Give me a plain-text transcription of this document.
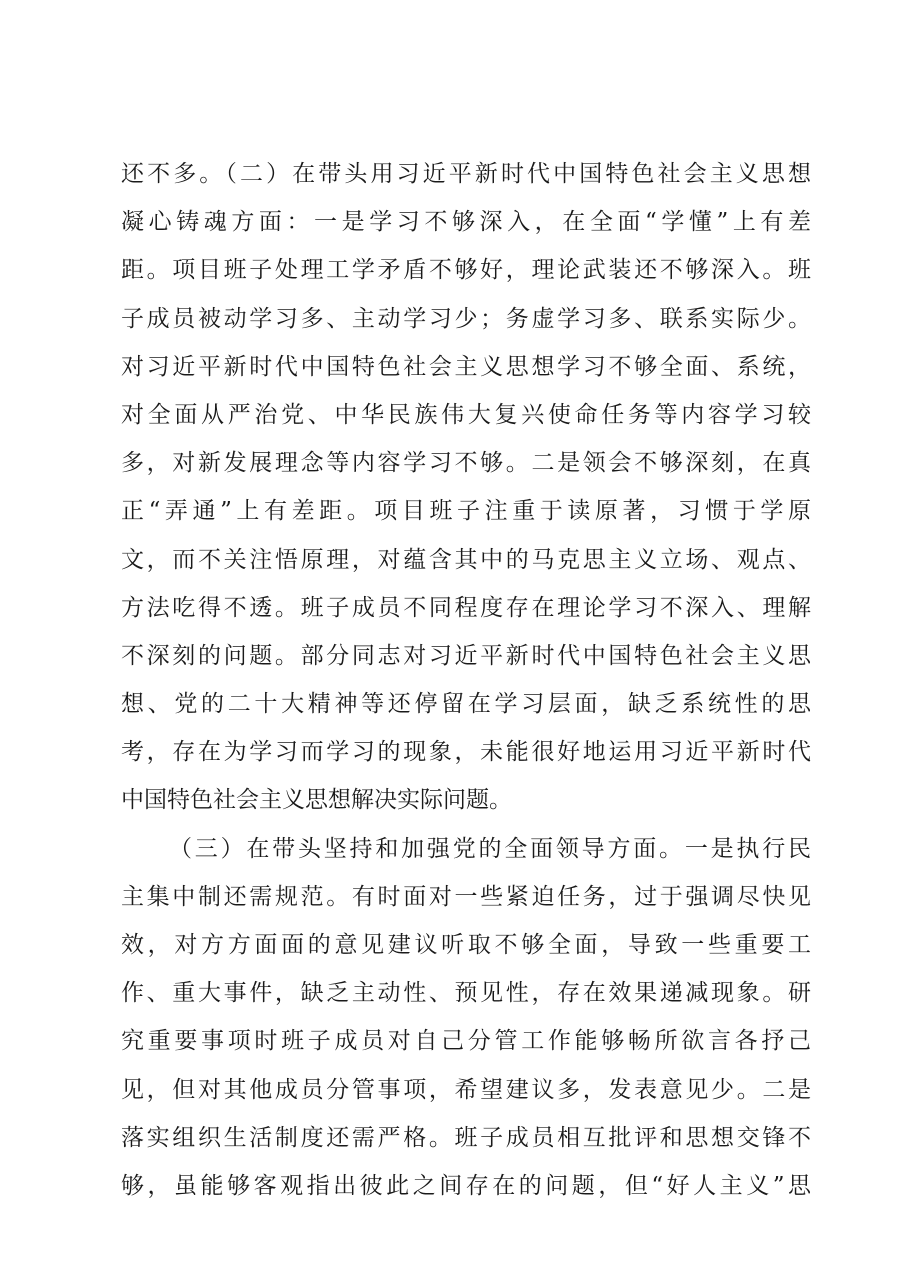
还不多。（二）在带头用习近平新时代中国特色社会主义思想
凝心铸魂方面：一是学习不够深入，在全面“学懂”上有差
距。项目班子处理工学矛盾不够好，理论武装还不够深入。班
子成员被动学习多、主动学习少；务虚学习多、联系实际少。
对习近平新时代中国特色社会主义思想学习不够全面、系统，
对全面从严治党、中华民族伟大复兴使命任务等内容学习较
多，对新发展理念等内容学习不够。二是领会不够深刻，在真
正“弄通”上有差距。项目班子注重于读原著，习惯于学原
文，而不关注悟原理，对蕴含其中的马克思主义立场、观点、
方法吃得不透。班子成员不同程度存在理论学习不深入、理解
不深刻的问题。部分同志对习近平新时代中国特色社会主义思
想、党的二十大精神等还停留在学习层面，缺乏系统性的思
考，存在为学习而学习的现象，未能很好地运用习近平新时代
中国特色社会主义思想解决实际问题。
（三）在带头坚持和加强党的全面领导方面。一是执行民
主集中制还需规范。有时面对一些紧迫任务，过于强调尽快见
效，对方方面面的意见建议听取不够全面，导致一些重要工
作、重大事件，缺乏主动性、预见性，存在效果递减现象。研
究重要事项时班子成员对自己分管工作能够畅所欲言各抒己
见，但对其他成员分管事项，希望建议多，发表意见少。二是
落实组织生活制度还需严格。班子成员相互批评和思想交锋不
够，虽能够客观指出彼此之间存在的问题，但“好人主义”思
